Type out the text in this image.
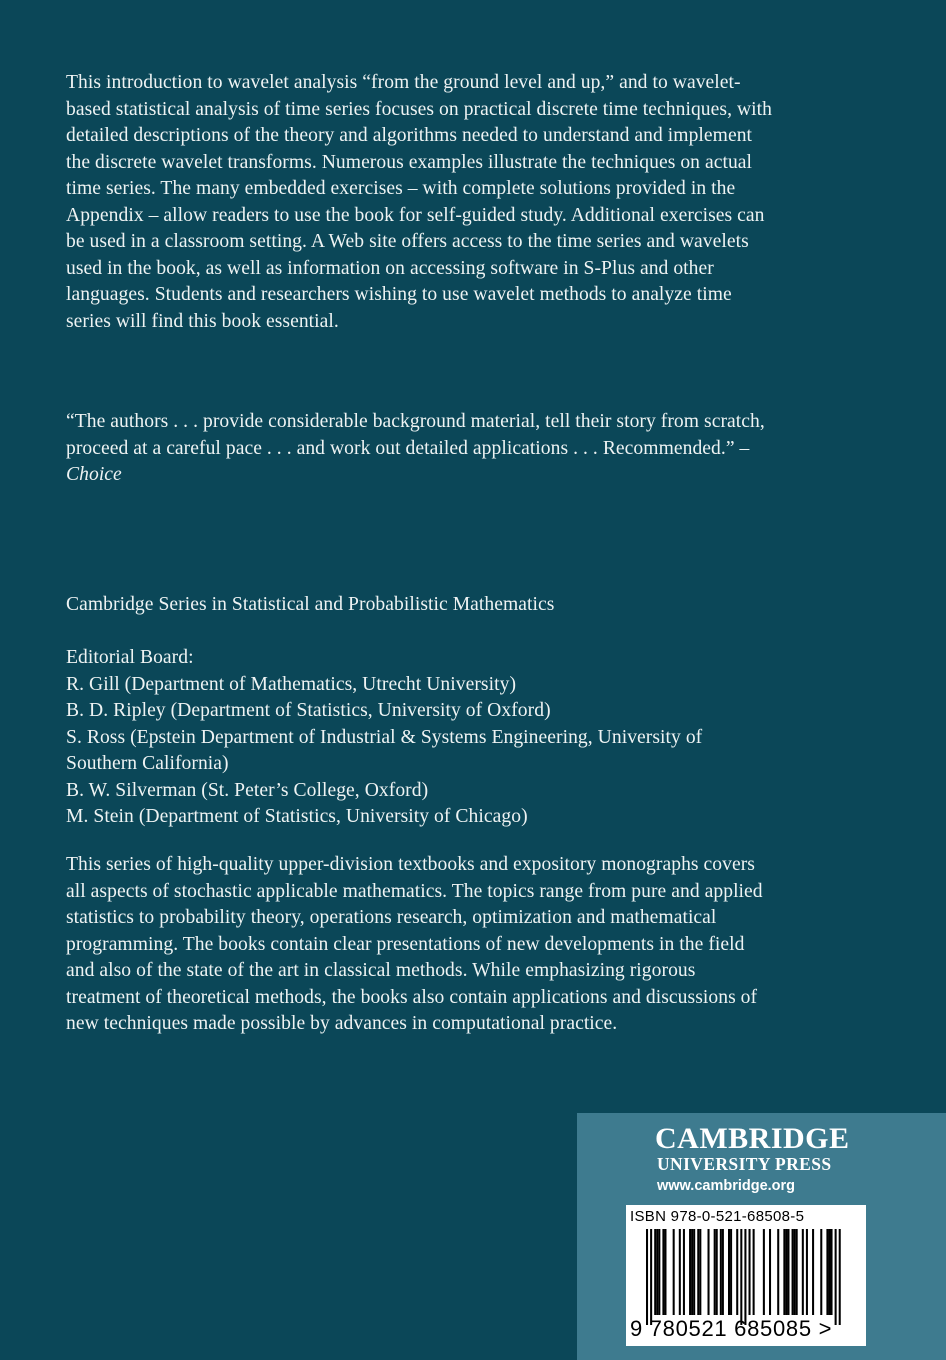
This introduction to wavelet analysis “from the ground level and up,” and to wavelet-
based statistical analysis of time series focuses on practical discrete time techniques, with
detailed descriptions of the theory and algorithms needed to understand and implement
the discrete wavelet transforms. Numerous examples illustrate the techniques on actual
time series. The many embedded exercises – with complete solutions provided in the
Appendix – allow readers to use the book for self-guided study. Additional exercises can
be used in a classroom setting. A Web site offers access to the time series and wavelets
used in the book, as well as information on accessing software in S-Plus and other
languages. Students and researchers wishing to use wavelet methods to analyze time
series will find this book essential.
“The authors . . . provide considerable background material, tell their story from scratch,
proceed at a careful pace . . . and work out detailed applications . . . Recommended.” –
Choice
Cambridge Series in Statistical and Probabilistic Mathematics
Editorial Board:
R. Gill (Department of Mathematics, Utrecht University)
B. D. Ripley (Department of Statistics, University of Oxford)
S. Ross (Epstein Department of Industrial & Systems Engineering, University of
Southern California)
B. W. Silverman (St. Peter’s College, Oxford)
M. Stein (Department of Statistics, University of Chicago)
This series of high-quality upper-division textbooks and expository monographs covers
all aspects of stochastic applicable mathematics. The topics range from pure and applied
statistics to probability theory, operations research, optimization and mathematical
programming. The books contain clear presentations of new developments in the field
and also of the state of the art in classical methods. While emphasizing rigorous
treatment of theoretical methods, the books also contain applications and discussions of
new techniques made possible by advances in computational practice.
CAMBRIDGE
UNIVERSITY PRESS
www.cambridge.org
ISBN 978-0-521-68508-5
9 780521 685085 >
